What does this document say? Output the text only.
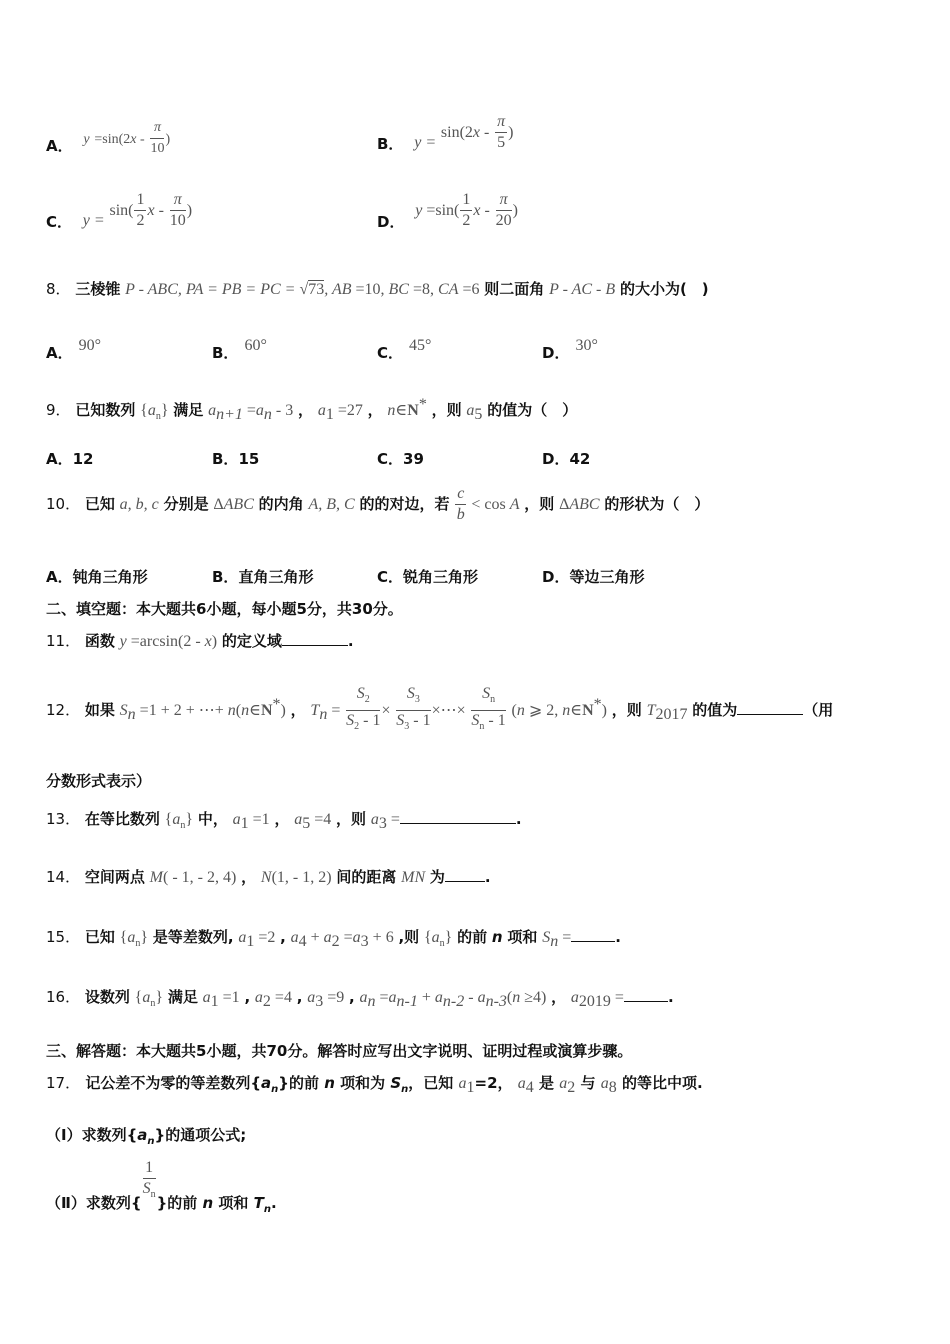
A． $y =\sin(2x - \frac{\pi}{10}$ )	B． $y = \sin(2x - \frac{\pi}{5}$ )
C． $y = \sin( \frac{1}{2}$ x - $\frac{\pi}{10}$ )
D． $y =\sin( \frac{1}{2}$ x - $\frac{\pi}{20}$ )
8． 三棱锥 P - ABC, PA = PB = PC = √73, AB =10, BC =8, CA =6 则二面角 P - AC - B 的大小为(　)
A． 90°	B． 60°	C． 45°	D． 30°
9． 已知数列 $\{a_n\}$ 满足 $a_{n+1} =a_n - 3$ ， $a_1 =27$ ， n∈N* ，则 $a_5$ 的值为（　）
A．12	B．15	C．39	D．42
10． 已知 a, b, c 分别是 ΔABC 的内角 A, B, C 的的对边，若 $\frac{c}{b} < \cos A$ ，则 ΔABC 的形状为（　）
A．钝角三角形	B．直角三角形	C．锐角三角形	D．等边三角形
二、填空题：本大题共6小题，每小题5分，共30分。
11． 函数 y =arcsin(2 - x) 的定义域	.
12． 如果 $S_n =1 + 2$ + ⋯+ n(n∈N*) ， $T_n = \frac{S_2}{S_2 - 1} \times \frac{S_3}{S_3 - 1}$ ×⋯× $\frac{S_n}{S_n - 1} (n$ ⩾ 2, n∈N*) ，则 $T_{2017}$ 的值为	（用
分数形式表示）
13． 在等比数列 $\{a_n\}$ 中， $a_1 =1$ ， $a_5 =4$ ，则 $a_3$ =	.
14． 空间两点 M( - 1, - 2, 4) ， N(1, - 1, 2) 间的距离 MN 为	.
15． 已知 $\{a_n\}$ 是等差数列, $a_1 =2$ , $a_4 + a_2 =a_3 + 6$ ,则 $\{a_n\}$ 的前 n 项和 $S_n$ =	.
16． 设数列 $\{a_n\}$ 满足 $a_1 =1$ , $a_2 =4$ , $a_3 =9$ , $a_n =a_{n-1} + a_{n-2} - a_{n-3}(n \ge 4)$ ， $a_{2019}$ =	.
三、解答题：本大题共5小题，共70分。解答时应写出文字说明、证明过程或演算步骤。
17． 记公差不为零的等差数列$\{a_n\}$的前 n 项和为 $S_n$，已知 $a_1=2$， $a_4$ 是 $a_2$ 与 $a_8$ 的等比中项.
（Ⅰ）求数列$\{a_n\}$的通项公式;
（Ⅱ）求数列{ $\frac{1}{S_n}$ }的前 n 项和 $T_n$.
